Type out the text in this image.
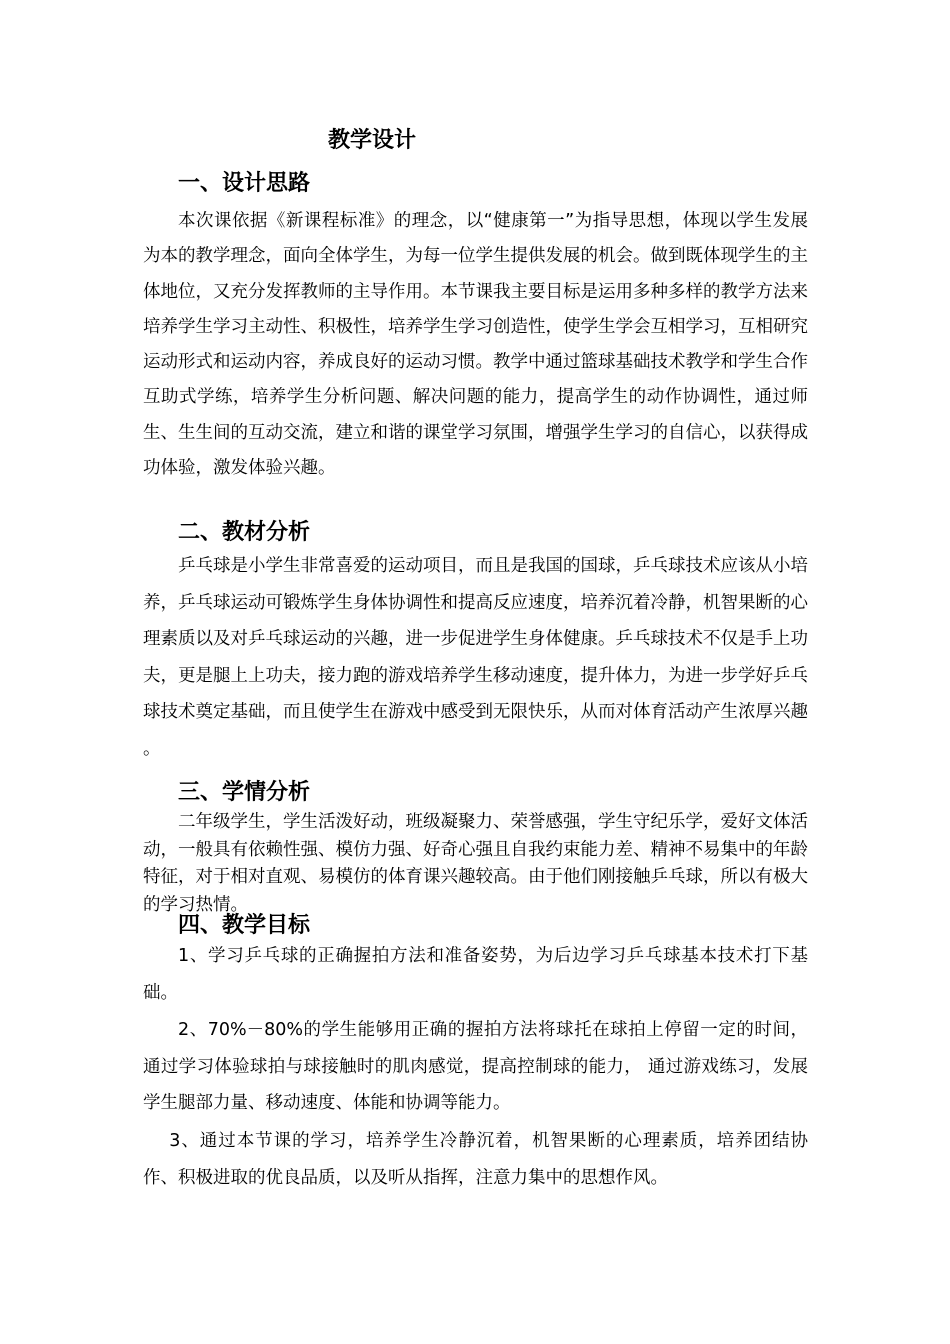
教学设计
一、设计思路

本次课依据《新课程标准》的理念，以“健康第一”为指导思想，体现以学生发展为本的教学理念，面向全体学生，为每一位学生提供发展的机会。做到既体现学生的主体地位，又充分发挥教师的主导作用。本节课我主要目标是运用多种多样的教学方法来培养学生学习主动性、积极性，培养学生学习创造性，使学生学会互相学习，互相研究运动形式和运动内容，养成良好的运动习惯。教学中通过篮球基础技术教学和学生合作互助式学练，培养学生分析问题、解决问题的能力，提高学生的动作协调性，通过师生、生生间的互动交流，建立和谐的课堂学习氛围，增强学生学习的自信心，以获得成功体验，激发体验兴趣。

二、教材分析

乒乓球是小学生非常喜爱的运动项目，而且是我国的国球，乒乓球技术应该从小培养，乒乓球运动可锻炼学生身体协调性和提高反应速度，培养沉着冷静，机智果断的心理素质以及对乒乓球运动的兴趣，进一步促进学生身体健康。乒乓球技术不仅是手上功夫，更是腿上上功夫，接力跑的游戏培养学生移动速度，提升体力，为进一步学好乒乓球技术奠定基础，而且使学生在游戏中感受到无限快乐，从而对体育活动产生浓厚兴趣 。

三、学情分析

二年级学生，学生活泼好动，班级凝聚力、荣誉感强，学生守纪乐学，爱好文体活动，一般具有依赖性强、模仿力强、好奇心强且自我约束能力差、精神不易集中的年龄特征，对于相对直观、易模仿的体育课兴趣较高。由于他们刚接触乒乓球，所以有极大的学习热情。

四、教学目标

1、学习乒乓球的正确握拍方法和准备姿势，为后边学习乒乓球基本技术打下基础。

2、70%－80%的学生能够用正确的握拍方法将球托在球拍上停留一定的时间，通过学习体验球拍与球接触时的肌肉感觉，提高控制球的能力， 通过游戏练习，发展学生腿部力量、移动速度、体能和协调等能力。

3、通过本节课的学习，培养学生冷静沉着，机智果断的心理素质，培养团结协作、积极进取的优良品质，以及听从指挥，注意力集中的思想作风。
